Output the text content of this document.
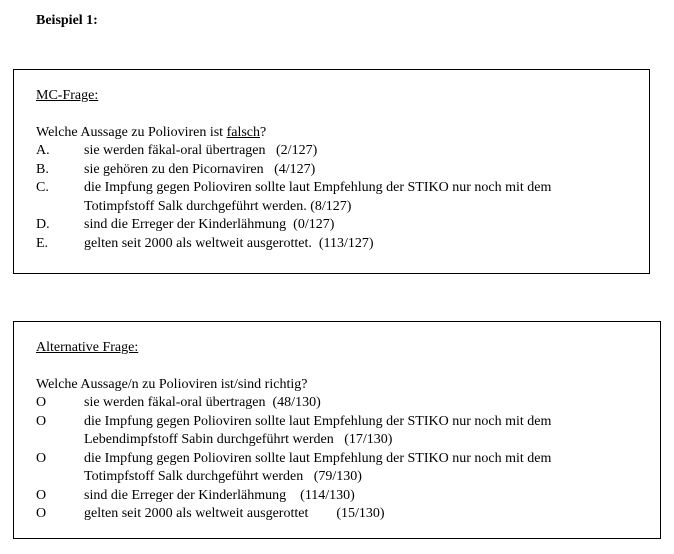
Beispiel 1:
MC-Frage:
Welche Aussage zu Polioviren ist falsch?
A.	sie werden fäkal-oral übertragen   (2/127)
B.	sie gehören zu den Picornaviren   (4/127)
C.	die Impfung gegen Polioviren sollte laut Empfehlung der STIKO nur noch mit dem
Totimpfstoff Salk durchgeführt werden. (8/127)
D.	sind die Erreger der Kinderlähmung  (0/127)
E.	gelten seit 2000 als weltweit ausgerottet.  (113/127)
Alternative Frage:
Welche Aussage/n zu Polioviren ist/sind richtig?
O	sie werden fäkal-oral übertragen  (48/130)
O	die Impfung gegen Polioviren sollte laut Empfehlung der STIKO nur noch mit dem
Lebendimpfstoff Sabin durchgeführt werden   (17/130)
O	die Impfung gegen Polioviren sollte laut Empfehlung der STIKO nur noch mit dem
Totimpfstoff Salk durchgeführt werden   (79/130)
O	sind die Erreger der Kinderlähmung    (114/130)
O	gelten seit 2000 als weltweit ausgerottet        (15/130)
